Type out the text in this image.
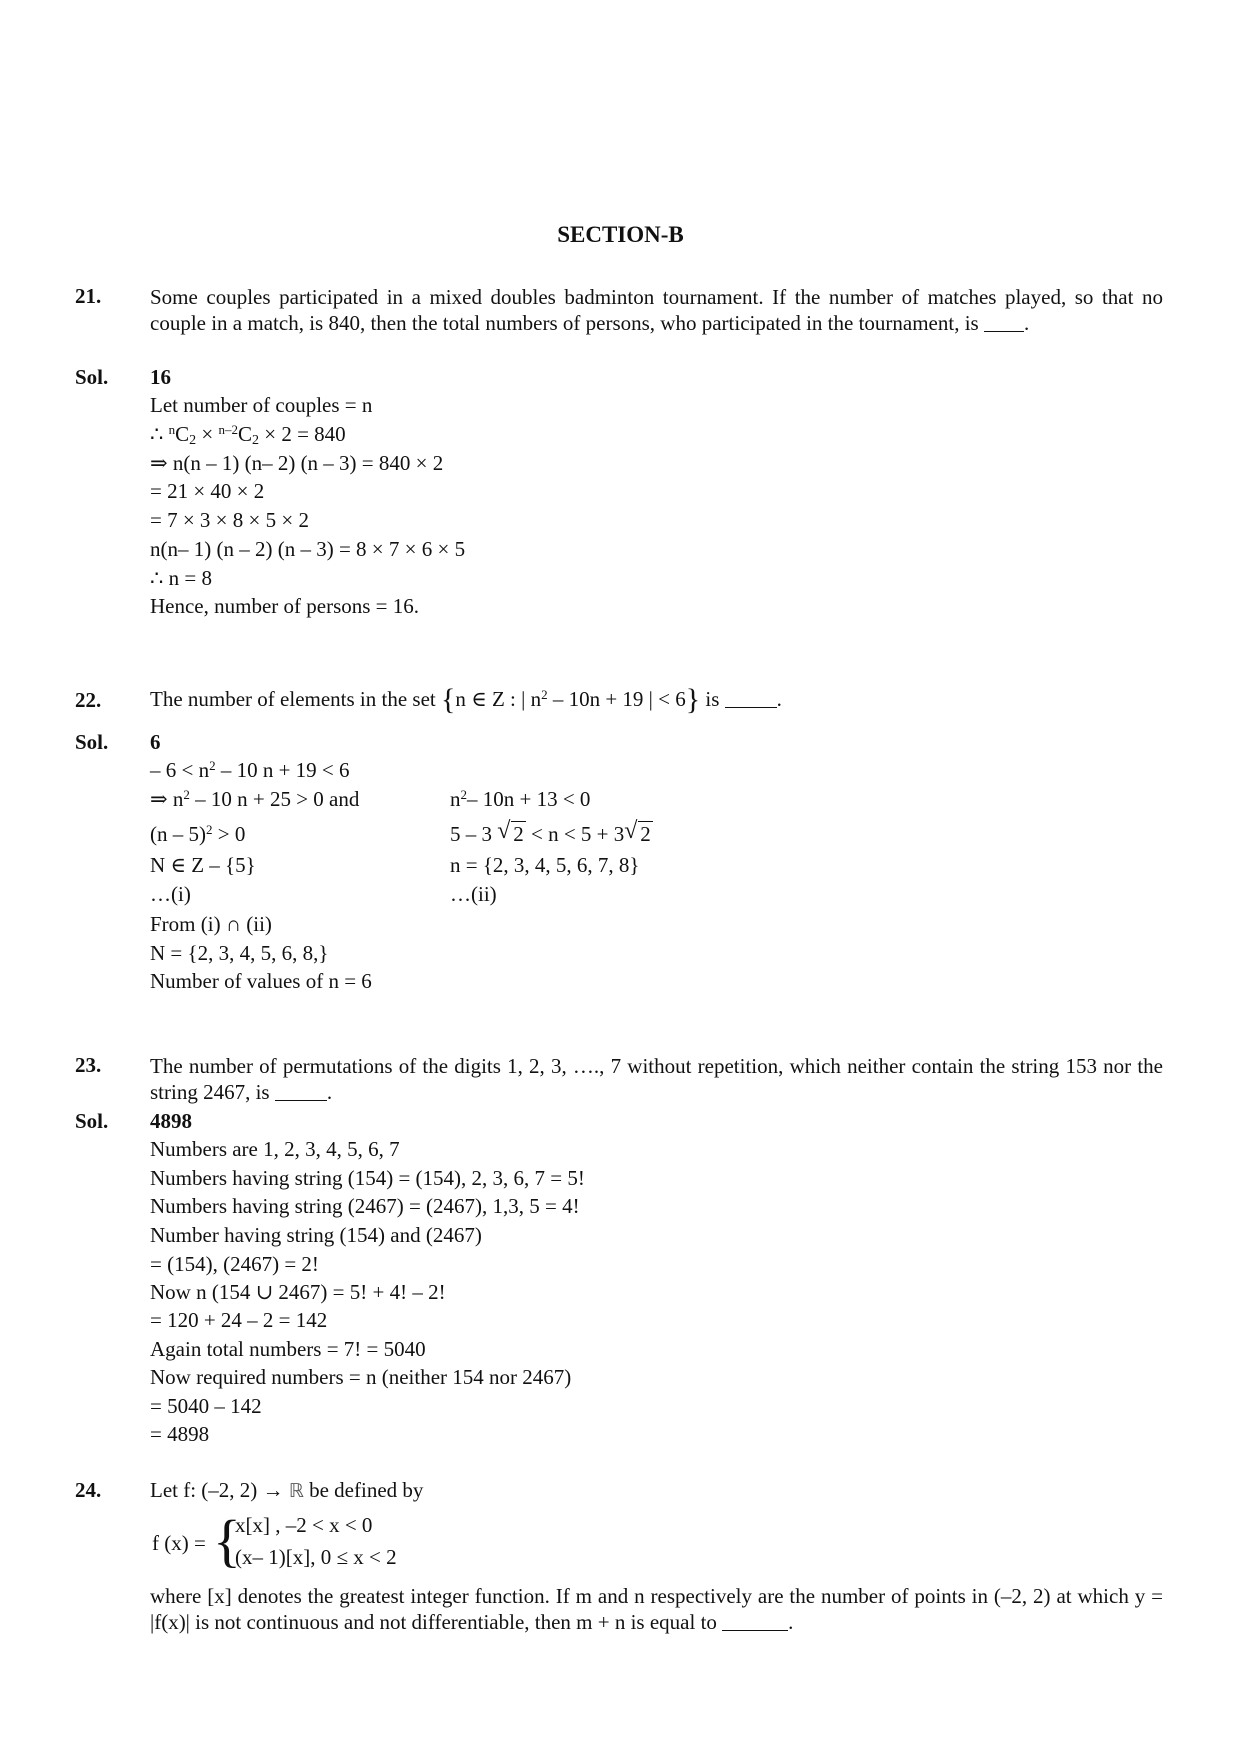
SECTION-B
21. Some couples participated in a mixed doubles badminton tournament. If the number of matches played, so that no couple in a match, is 840, then the total numbers of persons, who participated in the tournament, is .
Sol. 16
Let number of couples = n
∴ $^nC_2 \times ^{n-2}C_2 \times 2 = 840$
⇒ n(n – 1) (n– 2) (n – 3) = 840 × 2
= 21 × 40 × 2
= 7 × 3 × 8 × 5 × 2
n(n– 1) (n – 2) (n – 3) = 8 × 7 × 6 × 5
∴ n = 8
Hence, number of persons = 16.
22. The number of elements in the set {n ∈ Z : | $n^2 - 10n + 19$ | < 6} is	.
Sol. 6
– $6 < n^2 - 10$ n + 19 < 6
⇒ $n^2 - 10$ n + 25 > 0 and	$n^2-$ 10n + 13 < 0
(n – 5)$^2$ > 0	5 – 3 √ 2 < n < 5 + 3 √ 2
N ∈ Z – {5}	n = {2, 3, 4, 5, 6, 7, 8}
…(i)	…(ii)
From (i) ∩ (ii)
N = {2, 3, 4, 5, 6, 8,}
Number of values of n = 6
23. The number of permutations of the digits 1, 2, 3, …., 7 without repetition, which neither contain the string 153 nor the string 2467, is	.
Sol. 4898
Numbers are 1, 2, 3, 4, 5, 6, 7
Numbers having string (154) = (154), 2, 3, 6, 7 = 5!
Numbers having string (2467) = (2467), 1,3, 5 = 4!
Number having string (154) and (2467)
= (154), (2467) = 2!
Now n (154 ∪ 2467) = 5! + 4! – 2!
= 120 + 24 – 2 = 142
Again total numbers = 7! = 5040
Now required numbers = n (neither 154 nor 2467)
= 5040 – 142
= 4898
24. Let f: (–2, 2) → ℝ be defined by
f (x) = {
x[x] , –2 < x < 0
(x– 1)[x], 0 ≤ x < 2
where [x] denotes the greatest integer function. If m and n respectively are the number of points in (–2, 2) at which y = |f(x)| is not continuous and not differentiable, then m + n is equal to	.
